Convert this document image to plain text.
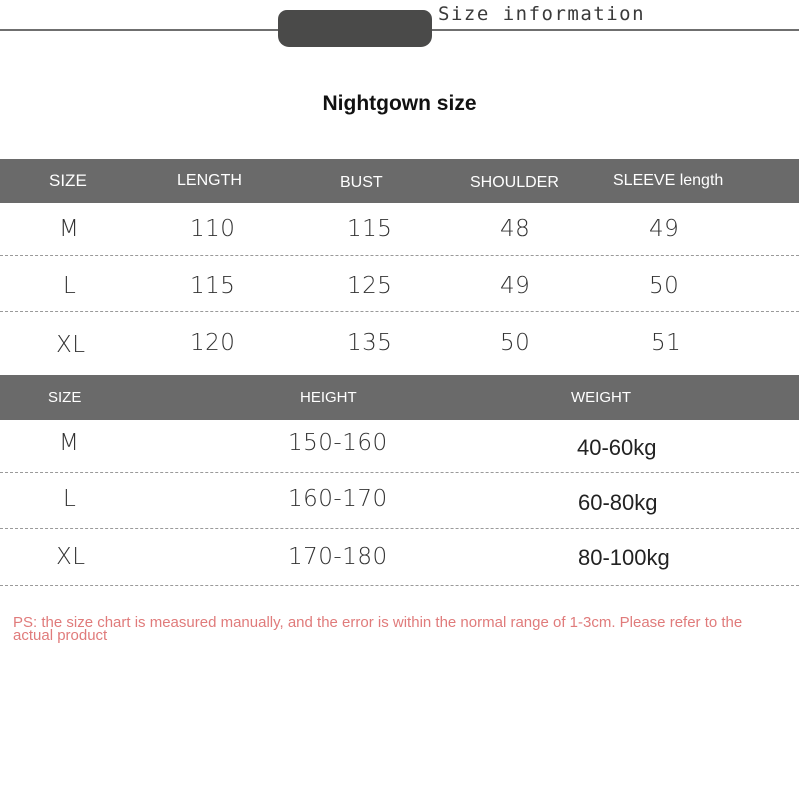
Size information
Nightgown size
SIZE	LENGTH	BUST	SHOULDER	SLEEVE length
M	110	115	48	49
L	115	125	49	50
XL	120	135	50	51
SIZE	HEIGHT	WEIGHT
M	150-160	40-60kg
L	160-170	60-80kg
XL	170-180	80-100kg
PS: the size chart is measured manually, and the error is within the normal range of 1-3cm. Please refer to the actual product
